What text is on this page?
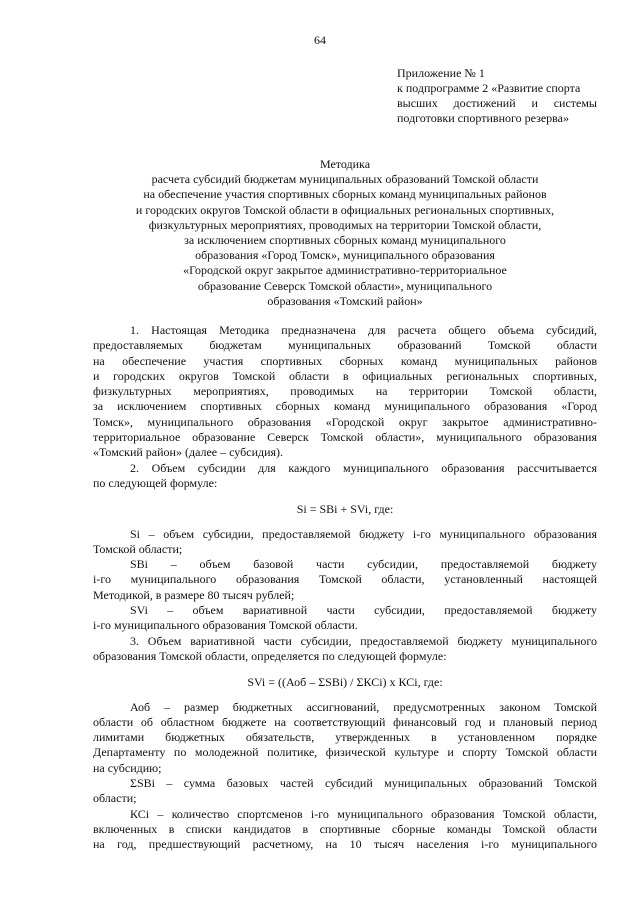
64
Приложение № 1
к подпрограмме 2 «Развитие спорта
высших достижений и системы
подготовки спортивного резерва»
Методика
расчета субсидий бюджетам муниципальных образований Томской области
на обеспечение участия спортивных сборных команд муниципальных районов
и городских округов Томской области в официальных региональных спортивных,
физкультурных мероприятиях, проводимых на территории Томской области,
за исключением спортивных сборных команд муниципального
образования «Город Томск», муниципального образования
«Городской округ закрытое административно-территориальное
образование Северск Томской области», муниципального
образования «Томский район»

1. Настоящая Методика предназначена для расчета общего объема субсидий,

предоставляемых бюджетам муниципальных образований Томской области

на обеспечение участия спортивных сборных команд муниципальных районов

и городских округов Томской области в официальных региональных спортивных,

физкультурных мероприятиях, проводимых на территории Томской области,

за исключением спортивных сборных команд муниципального образования «Город

Томск», муниципального образования «Городской округ закрытое административно-

территориальное образование Северск Томской области», муниципального образования

«Томский район» (далее – субсидия).

2. Объем субсидии для каждого муниципального образования рассчитывается

по следующей формуле:

Si = SBi + SVi, где:

Si – объем субсидии, предоставляемой бюджету i-го муниципального образования

Томской области;

SBi – объем базовой части субсидии, предоставляемой бюджету

i-го муниципального образования Томской области, установленный настоящей

Методикой, в размере 80 тысяч рублей;

SVi – объем вариативной части субсидии, предоставляемой бюджету

i-го муниципального образования Томской области.

3. Объем вариативной части субсидии, предоставляемой бюджету муниципального

образования Томской области, определяется по следующей формуле:

SVi = ((Аоб – ΣSBi) / ΣКСi) х КСi, где:

Аоб – размер бюджетных ассигнований, предусмотренных законом Томской

области об областном бюджете на соответствующий финансовый год и плановый период

лимитами бюджетных обязательств, утвержденных в установленном порядке

Департаменту по молодежной политике, физической культуре и спорту Томской области

на субсидию;

ΣSBi – сумма базовых частей субсидий муниципальных образований Томской

области;

КСi – количество спортсменов i-го муниципального образования Томской области,

включенных в списки кандидатов в спортивные сборные команды Томской области

на год, предшествующий расчетному, на 10 тысяч населения i-го муниципального
